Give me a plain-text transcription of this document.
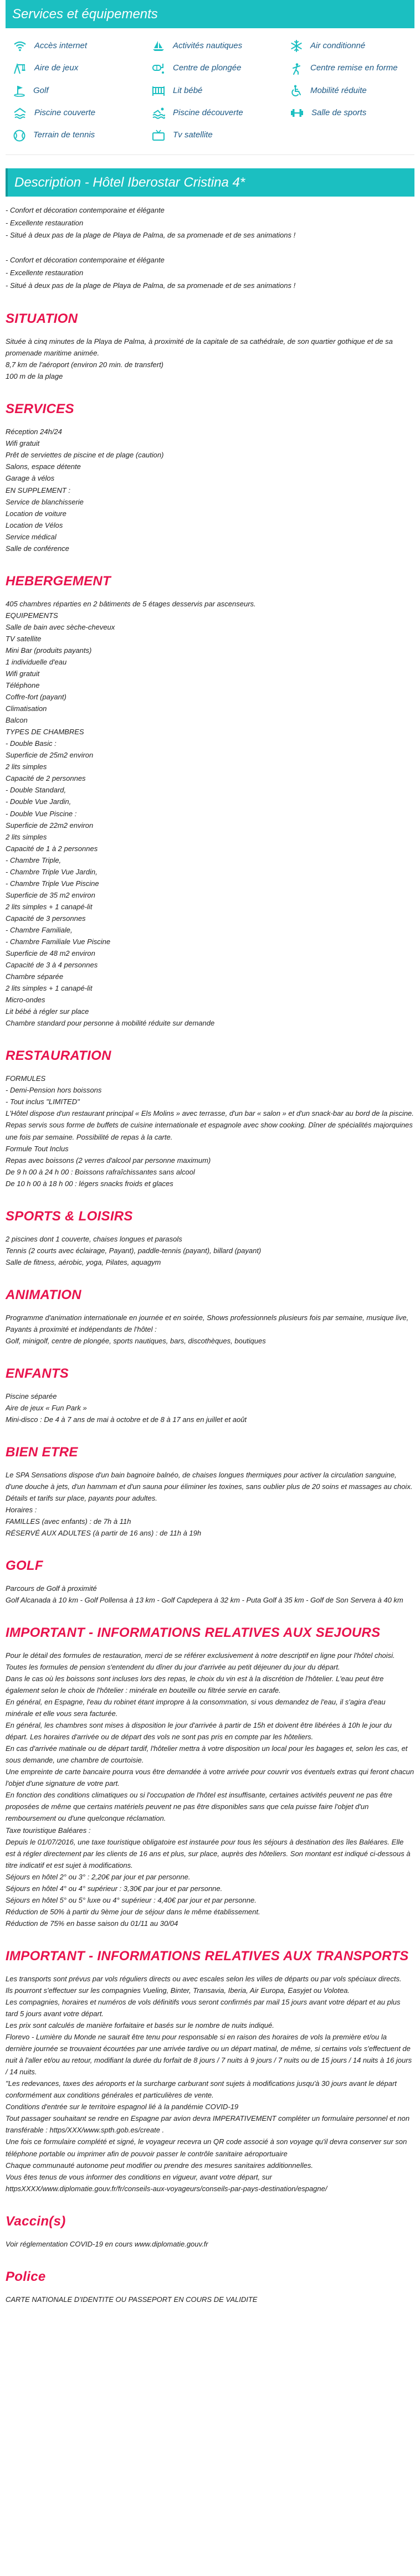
Services et équipements
Accès internet	Activités nautiques	Air conditionné
Aire de jeux	Centre de plongée	Centre remise en forme
Golf	Lit bébé	Mobilité réduite
Piscine couverte	Piscine découverte	Salle de sports
Terrain de tennis	Tv satellite
Description - Hôtel Iberostar Cristina 4*
- Confort et décoration contemporaine et élégante
- Excellente restauration
- Situé à deux pas de la plage de Playa de Palma, de sa promenade et de ses animations !
- Confort et décoration contemporaine et élégante
- Excellente restauration
- Situé à deux pas de la plage de Playa de Palma, de sa promenade et de ses animations !
SITUATION
Située à cinq minutes de la Playa de Palma, à proximité de la capitale de sa cathédrale, de son quartier gothique et de sa promenade maritime animée.
8,7 km de l'aéroport (environ 20 min. de transfert)
100 m de la plage
SERVICES
Réception 24h/24
Wifi gratuit
Prêt de serviettes de piscine et de plage (caution)
Salons, espace détente
Garage à vélos
EN SUPPLEMENT :
Service de blanchisserie
Location de voiture
Location de Vélos
Service médical
Salle de conférence
HEBERGEMENT
405 chambres réparties en 2 bâtiments de 5 étages desservis par ascenseurs.
EQUIPEMENTS
Salle de bain avec sèche-cheveux
TV satellite
Mini Bar (produits payants)
1 individuelle d'eau
Wifi gratuit
Téléphone
Coffre-fort (payant)
Climatisation
Balcon
TYPES DE CHAMBRES
- Double Basic :
Superficie de 25m2 environ
2 lits simples
Capacité de 2 personnes
- Double Standard,
- Double Vue Jardin,
- Double Vue Piscine :
Superficie de 22m2 environ
2 lits simples
Capacité de 1 à 2 personnes
- Chambre Triple,
- Chambre Triple Vue Jardin,
- Chambre Triple Vue Piscine
Superficie de 35 m2 environ
2 lits simples + 1 canapé-lit
Capacité de 3 personnes
- Chambre Familiale,
- Chambre Familiale Vue Piscine
Superficie de 48 m2 environ
Capacité de 3 à 4 personnes
Chambre séparée
2 lits simples + 1 canapé-lit
Micro-ondes
Lit bébé à régler sur place
Chambre standard pour personne à mobilité réduite sur demande
RESTAURATION
FORMULES
- Demi-Pension hors boissons
- Tout inclus "LIMITED"
L'Hôtel dispose d'un restaurant principal « Els Molins » avec terrasse, d'un bar « salon » et d'un snack-bar au bord de la piscine.
Repas servis sous forme de buffets de cuisine internationale et espagnole avec show cooking. Dîner de spécialités majorquines une fois par semaine. Possibilité de repas à la carte.
Formule Tout Inclus
Repas avec boissons (2 verres d'alcool par personne maximum)
De 9 h 00 à 24 h 00 : Boissons rafraîchissantes sans alcool
De 10 h 00 à 18 h 00 : légers snacks froids et glaces
SPORTS & LOISIRS
2 piscines dont 1 couverte, chaises longues et parasols
Tennis (2 courts avec éclairage, Payant), paddle-tennis (payant), billard (payant)
Salle de fitness, aérobic, yoga, Pilates, aquagym
ANIMATION
Programme d'animation internationale en journée et en soirée, Shows professionnels plusieurs fois par semaine, musique live,
Payants à proximité et indépendants de l'hôtel :
Golf, minigolf, centre de plongée, sports nautiques, bars, discothèques, boutiques
ENFANTS
Piscine séparée
Aire de jeux « Fun Park »
Mini-disco : De 4 à 7 ans de mai à octobre et de 8 à 17 ans en juillet et août
BIEN ETRE
Le SPA Sensations dispose d'un bain bagnoire balnéo, de chaises longues thermiques pour activer la circulation sanguine, d'une douche à jets, d'un hammam et d'un sauna pour éliminer les toxines, sans oublier plus de 20 soins et massages au choix. Détails et tarifs sur place, payants pour adultes.
Horaires :
FAMILLES (avec enfants) : de 7h à 11h
RÉSERVÉ AUX ADULTES (à partir de 16 ans) : de 11h à 19h
GOLF
Parcours de Golf à proximité
Golf Alcanada à 10 km - Golf Pollensa à 13 km - Golf Capdepera à 32 km - Puta Golf à 35 km - Golf de Son Servera à 40 km
IMPORTANT - INFORMATIONS RELATIVES AUX SEJOURS
Pour le détail des formules de restauration, merci de se référer exclusivement à notre descriptif en ligne pour l'hôtel choisi.
Toutes les formules de pension s'entendent du dîner du jour d'arrivée au petit déjeuner du jour du départ.
Dans le cas où les boissons sont incluses lors des repas, le choix du vin est à la discrétion de l'hôtelier. L'eau peut être également selon le choix de l'hôtelier : minérale en bouteille ou filtrée servie en carafe.
En général, en Espagne, l'eau du robinet étant impropre à la consommation, si vous demandez de l'eau, il s'agira d'eau minérale et elle vous sera facturée.
En général, les chambres sont mises à disposition le jour d'arrivée à partir de 15h et doivent être libérées à 10h le jour du départ. Les horaires d'arrivée ou de départ des vols ne sont pas pris en compte par les hôteliers.
En cas d'arrivée matinale ou de départ tardif, l'hôtelier mettra à votre disposition un local pour les bagages et, selon les cas, et sous demande, une chambre de courtoisie.
Une empreinte de carte bancaire pourra vous être demandée à votre arrivée pour couvrir vos éventuels extras qui feront chacun l'objet d'une signature de votre part.
En fonction des conditions climatiques ou si l'occupation de l'hôtel est insuffisante, certaines activités peuvent ne pas être proposées de même que certains matériels peuvent ne pas être disponibles sans que cela puisse faire l'objet d'un remboursement ou d'une quelconque réclamation.
Taxe touristique Baléares :
Depuis le 01/07/2016, une taxe touristique obligatoire est instaurée pour tous les séjours à destination des îles Baléares. Elle est à régler directement par les clients de 16 ans et plus, sur place, auprès des hôteliers. Son montant est indiqué ci-dessous à titre indicatif et est sujet à modifications.
Séjours en hôtel 2° ou 3° : 2,20€ par jour et par personne.
Séjours en hôtel 4° ou 4° supérieur : 3,30€ par jour et par personne.
Séjours en hôtel 5° ou 5° luxe ou 4° supérieur : 4,40€ par jour et par personne.
Réduction de 50% à partir du 9ème jour de séjour dans le même établissement.
Réduction de 75% en basse saison du 01/11 au 30/04
IMPORTANT - INFORMATIONS RELATIVES AUX TRANSPORTS
Les transports sont prévus par vols réguliers directs ou avec escales selon les villes de départs ou par vols spéciaux directs.
Ils pourront s'effectuer sur les compagnies Vueling, Binter, Transavia, Iberia, Air Europa, Easyjet ou Volotea.
Les compagnies, horaires et numéros de vols définitifs vous seront confirmés par mail 15 jours avant votre départ et au plus tard 5 jours avant votre départ.
Les prix sont calculés de manière forfaitaire et basés sur le nombre de nuits indiqué.
Florevo - Lumière du Monde ne saurait être tenu pour responsable si en raison des horaires de vols la première et/ou la dernière journée se trouvaient écourtées par une arrivée tardive ou un départ matinal, de même, si certains vols s'effectuent de nuit à l'aller et/ou au retour, modifiant la durée du forfait de 8 jours / 7 nuits à 9 jours / 7 nuits ou de 15 jours / 14 nuits à 16 jours / 14 nuits.
"Les redevances, taxes des aéroports et la surcharge carburant sont sujets à modifications jusqu'à 30 jours avant le départ conformément aux conditions générales et particulières de vente.
Conditions d'entrée sur le territoire espagnol lié à la pandémie COVID-19
Tout passager souhaitant se rendre en Espagne par avion devra IMPERATIVEMENT compléter un formulaire personnel et non transférable : https/XXX/www.spth.gob.es/create .
Une fois ce formulaire complété et signé, le voyageur recevra un QR code associé à son voyage qu'il devra conserver sur son téléphone portable ou imprimer afin de pouvoir passer le contrôle sanitaire aéroportuaire
Chaque communauté autonome peut modifier ou prendre des mesures sanitaires additionnelles.
Vous êtes tenus de vous informer des conditions en vigueur, avant votre départ, sur httpsXXXX/www.diplomatie.gouv.fr/fr/conseils-aux-voyageurs/conseils-par-pays-destination/espagne/
Vaccin(s)
Voir réglementation COVID-19 en cours www.diplomatie.gouv.fr
Police
CARTE NATIONALE D'IDENTITE OU PASSEPORT EN COURS DE VALIDITE
